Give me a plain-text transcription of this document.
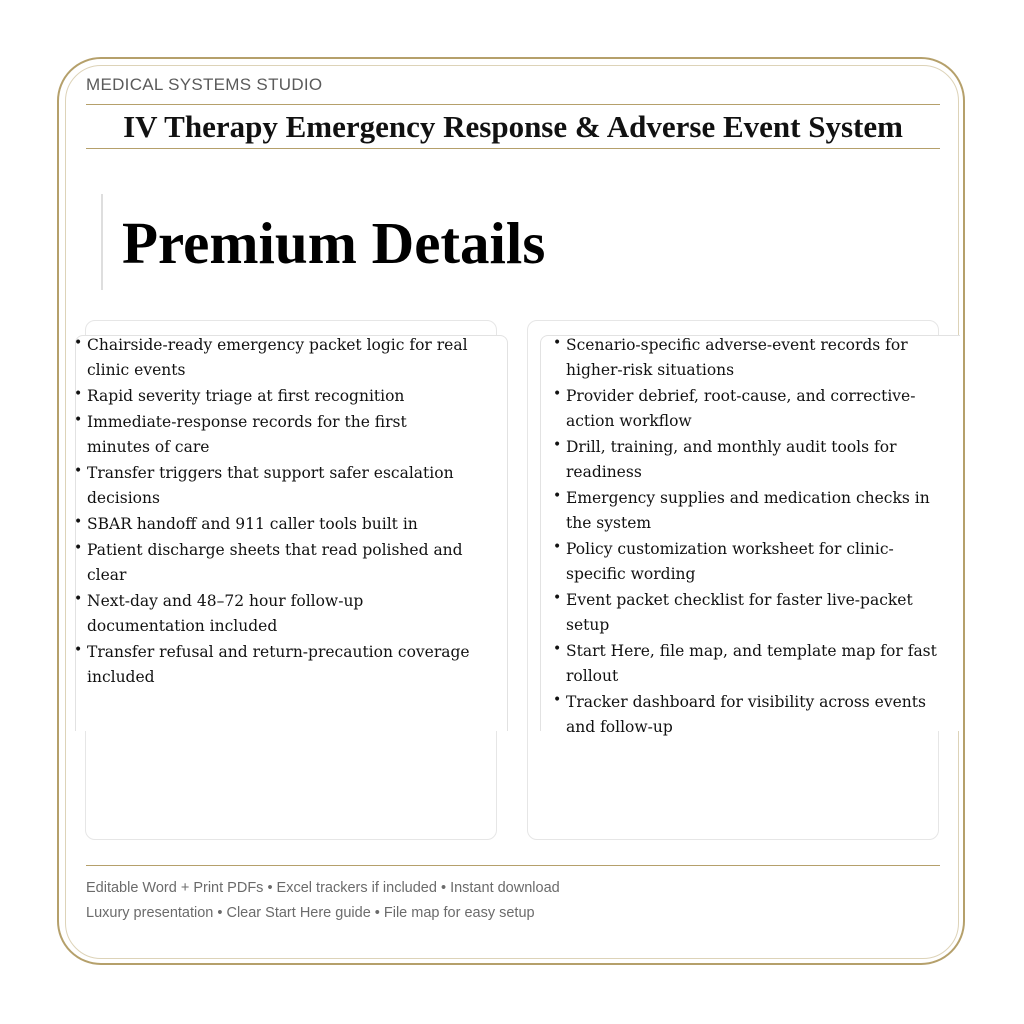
MEDICAL SYSTEMS STUDIO
IV Therapy Emergency Response & Adverse Event System
Premium Details
• Chairside-ready emergency packet logic for real clinic events
• Rapid severity triage at first recognition
• Immediate-response records for the first minutes of care
• Transfer triggers that support safer escalation decisions
• SBAR handoff and 911 caller tools built in
• Patient discharge sheets that read polished and clear
• Next-day and 48–72 hour follow-up documentation included
• Transfer refusal and return-precaution coverage included
• Scenario-specific adverse-event records for higher-risk situations
• Provider debrief, root-cause, and corrective-action workflow
• Drill, training, and monthly audit tools for readiness
• Emergency supplies and medication checks in the system
• Policy customization worksheet for clinic-specific wording
• Event packet checklist for faster live-packet setup
• Start Here, file map, and template map for fast rollout
• Tracker dashboard for visibility across events and follow-up
Editable Word + Print PDFs • Excel trackers if included • Instant download
Luxury presentation • Clear Start Here guide • File map for easy setup
